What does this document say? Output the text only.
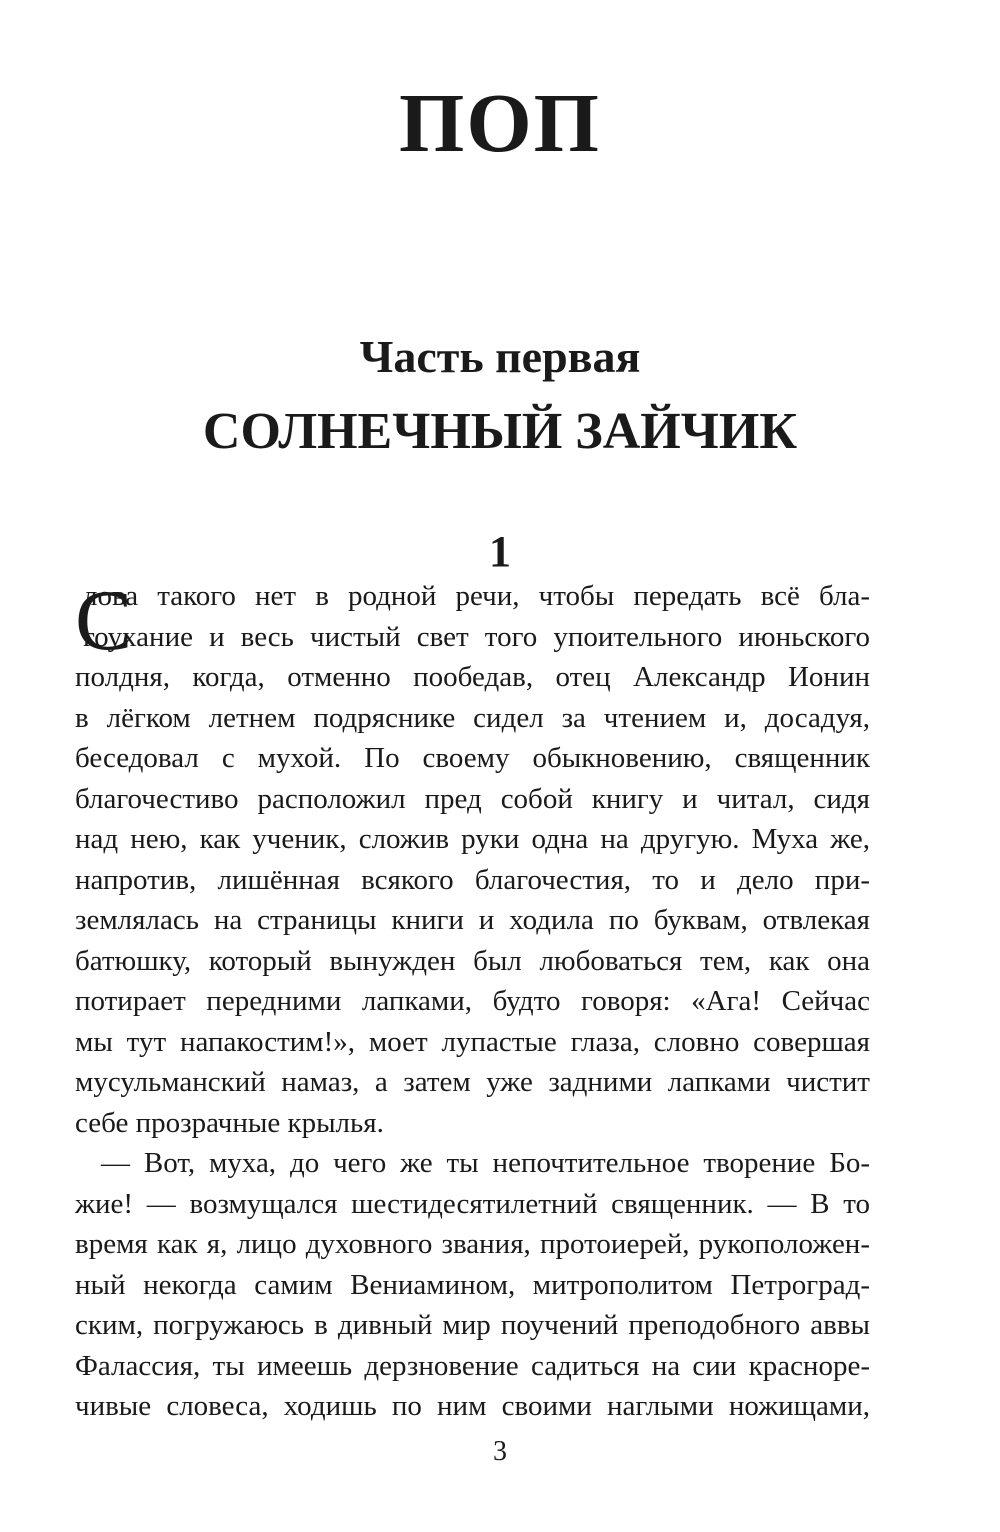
ПОП
Часть первая
СОЛНЕЧНЫЙ ЗАЙЧИК
1
С
лова такого нет в родной речи, чтобы передать всё бла-
гоухание и весь чистый свет того упоительного июньского
полдня, когда, отменно пообедав, отец Александр Ионин
в лёгком летнем подряснике сидел за чтением и, досадуя,
беседовал с мухой. По своему обыкновению, священник
благочестиво расположил пред собой книгу и читал, сидя
над нею, как ученик, сложив руки одна на другую. Муха же,
напротив, лишённая всякого благочестия, то и дело при-
землялась на страницы книги и ходила по буквам, отвлекая
батюшку, который вынужден был любоваться тем, как она
потирает передними лапками, будто говоря: «Ага! Сейчас
мы тут напакостим!», моет лупастые глаза, словно совершая
мусульманский намаз, а затем уже задними лапками чистит
себе прозрачные крылья.
— Вот, муха, до чего же ты непочтительное творение Бо-
жие! — возмущался шестидесятилетний священник. — В то
время как я, лицо духовного звания, протоиерей, рукоположен-
ный некогда самим Вениамином, митрополитом Петроград-
ским, погружаюсь в дивный мир поучений преподобного аввы
Фалассия, ты имеешь дерзновение садиться на сии красноре-
чивые словеса, ходишь по ним своими наглыми ножищами,
3
